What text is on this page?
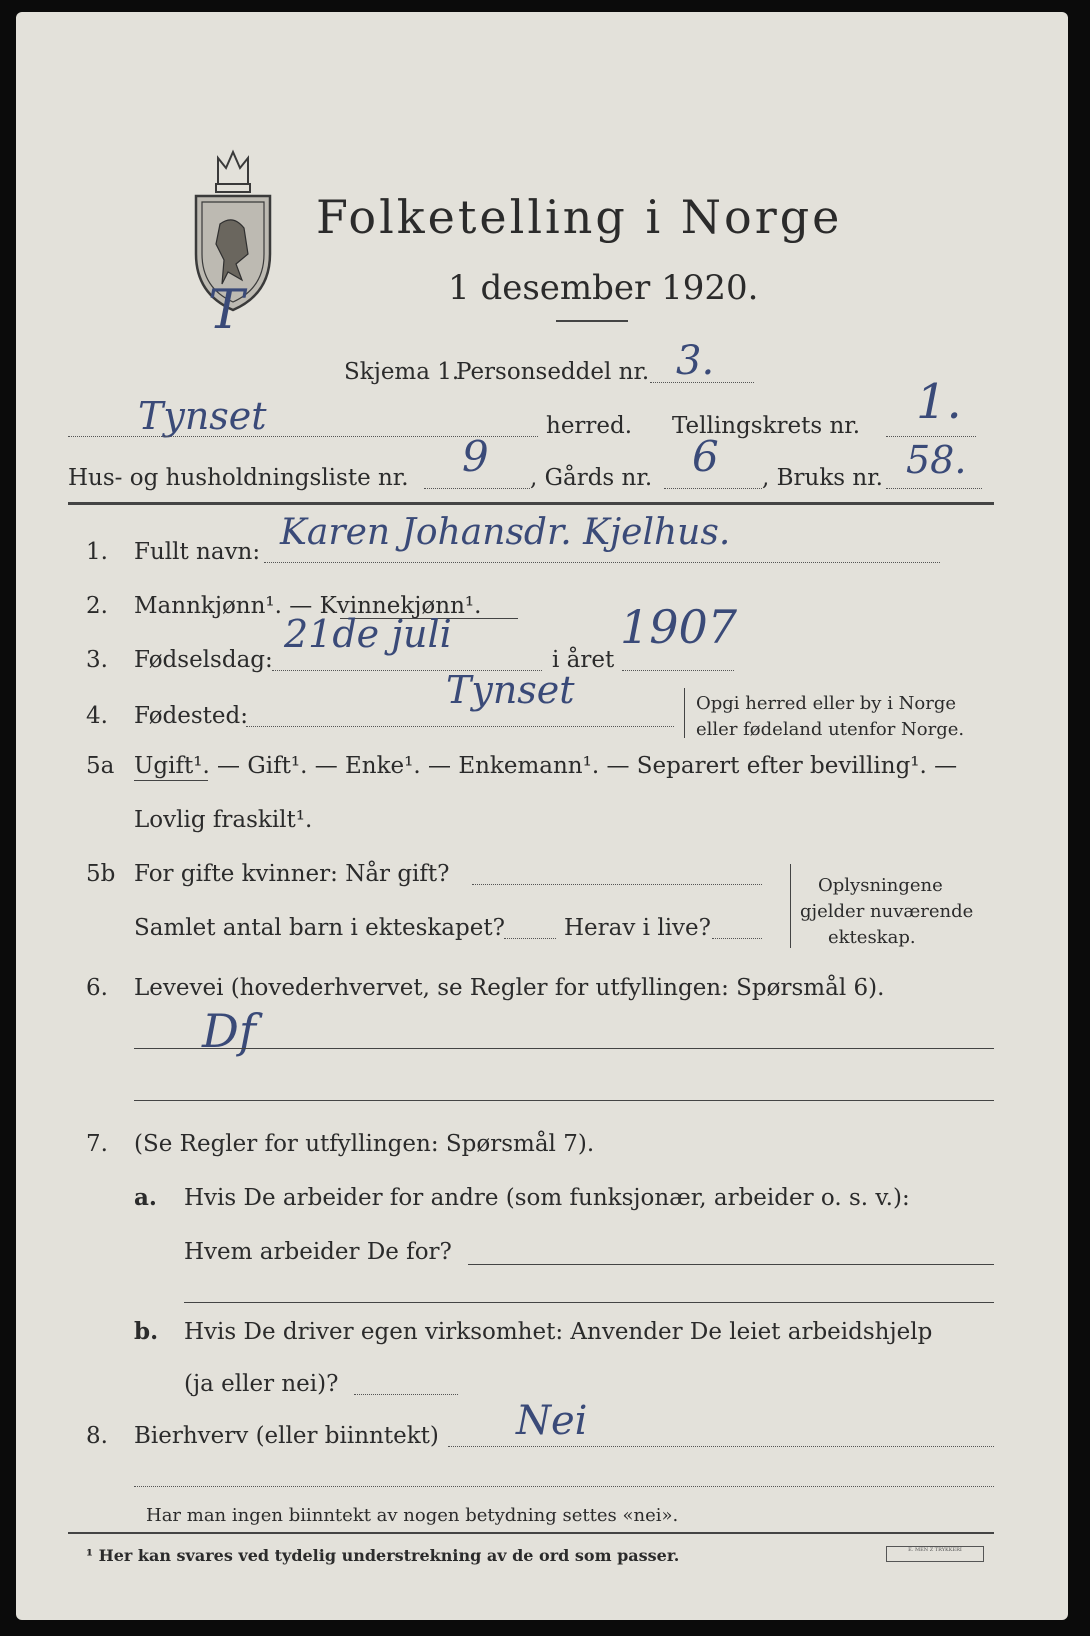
Folketelling i Norge
1 desember 1920.
T
Skjema 1.
Personseddel nr. 3.
Tynset	herred. Tellingskrets nr. 1.
Hus- og husholdningsliste nr. 9 , Gårds nr. 6 , Bruks nr. 58.
1. Fullt navn: Karen Johansdr. Kjelhus.
2. Mannkjønn¹. — Kvinnekjønn¹.
3. Fødselsdag:
21de juli
i året
1907
4. Fødested:
Tynset	Opgi herred eller by i Norge
eller fødeland utenfor Norge.
5a Ugift¹. — Gift¹. — Enke¹. — Enkemann¹. — Separert efter bevilling¹. —
Lovlig fraskilt¹.
5b For gifte kvinner: Når gift?
Samlet antal barn i ekteskapet?	Herav i live?
Oplysningene
gjelder nuværende
ekteskap.
6. Levevei (hovederhvervet, se Regler for utfyllingen: Spørsmål 6).
Df
7. (Se Regler for utfyllingen: Spørsmål 7).
a. Hvis De arbeider for andre (som funksjonær, arbeider o. s. v.):
Hvem arbeider De for?
b. Hvis De driver egen virksomhet: Anvender De leiet arbeidshjelp
(ja eller nei)?
8. Bierhverv (eller biinntekt) Nei
Har man ingen biinntekt av nogen betydning settes «nei».
¹ Her kan svares ved tydelig understrekning av de ord som passer.	E. MEN Z TRYKKERI
